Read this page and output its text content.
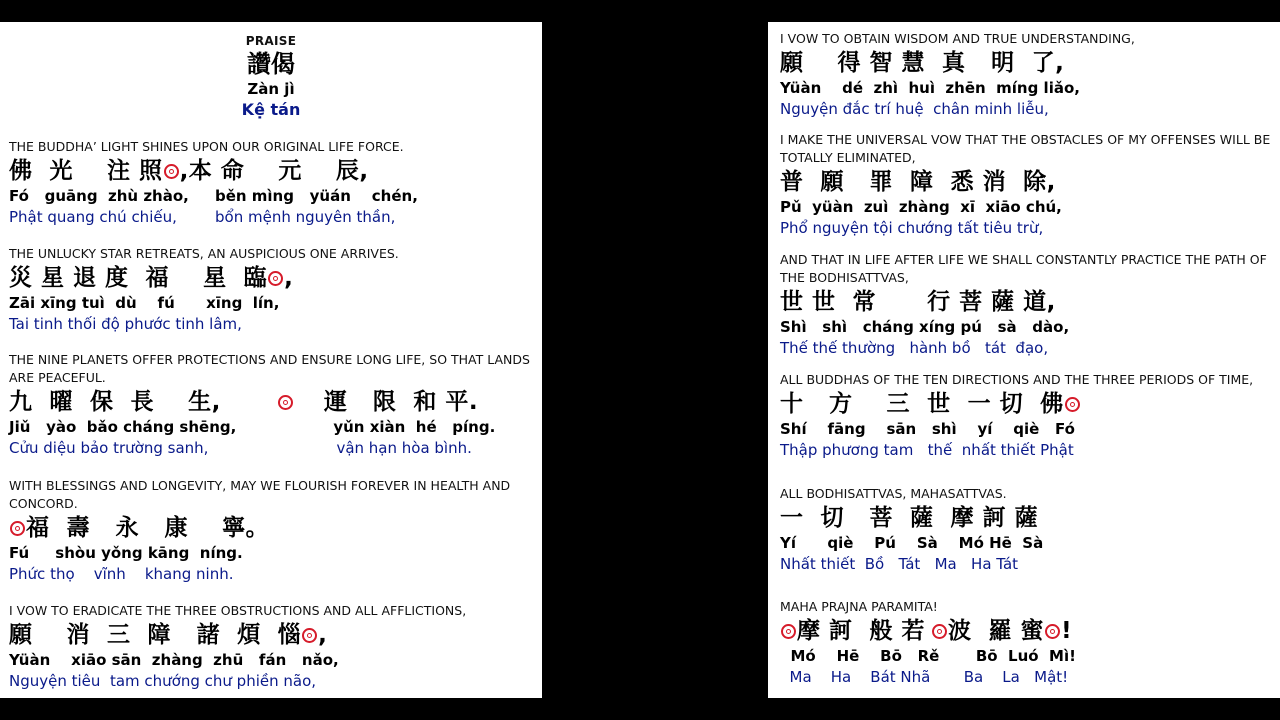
PRAISE
讚偈
Zàn jì
Kệ tán
THE BUDDHA’ LIGHT SHINES UPON OUR ORIGINAL LIFE FORCE.
佛  光    注 照 ,本 命    元    辰,
Fó   guāng  zhù zhào,     běn mìng   yüán    chén,
Phật quang chú chiếu,        bổn mệnh nguyên thần,
THE UNLUCKY STAR RETREATS, AN AUSPICIOUS ONE ARRIVES.
災 星 退 度  福    星  臨 ,
Zāi xīng tuì  dù    fú      xīng  lín,
Tai tinh thối độ phước tinh lâm,
THE NINE PLANETS OFFER PROTECTIONS AND ENSURE LONG LIFE, SO THAT LANDS ARE PEACEFUL.
九  曜  保  長    生,	運   限  和 平.
Jiǔ   yào  bǎo cháng shēng,	yǔn xiàn  hé   píng.
Cửu diệu bảo trường sanh,	vận hạn hòa bình.
WITH BLESSINGS AND LONGEVITY, MAY WE FLOURISH FOREVER IN HEALTH AND CONCORD.
福  壽   永   康    寧。
Fú     shòu yǒng kāng  níng.
Phức thọ    vĩnh    khang ninh.
I VOW TO ERADICATE THE THREE OBSTRUCTIONS AND ALL AFFLICTIONS,
願    消  三  障   諸  煩  惱 ,
Yüàn    xiāo sān  zhàng  zhū   fán   nǎo,
Nguyện tiêu  tam chướng chư phiền não,
I VOW TO OBTAIN WISDOM AND TRUE UNDERSTANDING,
願    得 智 慧  真   明  了,
Yüàn    dé  zhì  huì  zhēn  míng liǎo,
Nguyện đắc trí huệ  chân minh liễu,
I MAKE THE UNIVERSAL VOW THAT THE OBSTACLES OF MY OFFENSES WILL BE TOTALLY ELIMINATED,
普  願   罪  障  悉 消  除,
Pǔ  yüàn  zuì  zhàng  xī  xiāo chú,
Phổ nguyện tội chướng tất tiêu trừ,
AND THAT IN LIFE AFTER LIFE WE SHALL CONSTANTLY PRACTICE THE PATH OF THE BODHISATTVAS,
世 世  常      行 菩 薩 道,
Shì   shì   cháng xíng pú   sà   dào,
Thế thế thường   hành bồ   tát  đạo,
ALL BUDDHAS OF THE TEN DIRECTIONS AND THE THREE PERIODS OF TIME,
十   方    三  世  一 切  佛
Shí    fāng    sān   shì    yí    qiè   Fó
Thập phương tam   thế  nhất thiết Phật
ALL BODHISATTVAS, MAHASATTVAS.
一  切   菩  薩  摩 訶 薩
Yí      qiè    Pú    Sà    Mó Hē  Sà
Nhất thiết  Bồ   Tát   Ma   Ha Tát
MAHA PRAJNA PARAMITA!
摩 訶  般 若 波  羅 蜜 !
Mó    Hē    Bō   Rě       Bō  Luó  Mì!
Ma    Ha    Bát Nhã       Ba    La   Mật!
